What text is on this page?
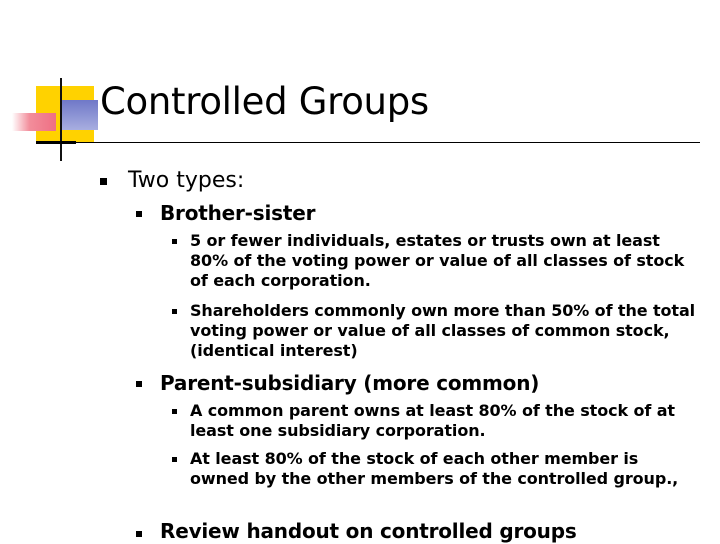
Controlled Groups
Two types:
Brother-sister
5 or fewer individuals, estates or trusts own at least 80% of the voting power or value of all classes of stock of each corporation.
Shareholders commonly own more than 50% of the total voting power or value of all classes of common stock, (identical interest)
Parent-subsidiary (more common)
A common parent owns at least 80% of the stock of at least one subsidiary corporation.
At least 80% of the stock of each other member is owned by the other members of the controlled group.,
Review handout on controlled groups
